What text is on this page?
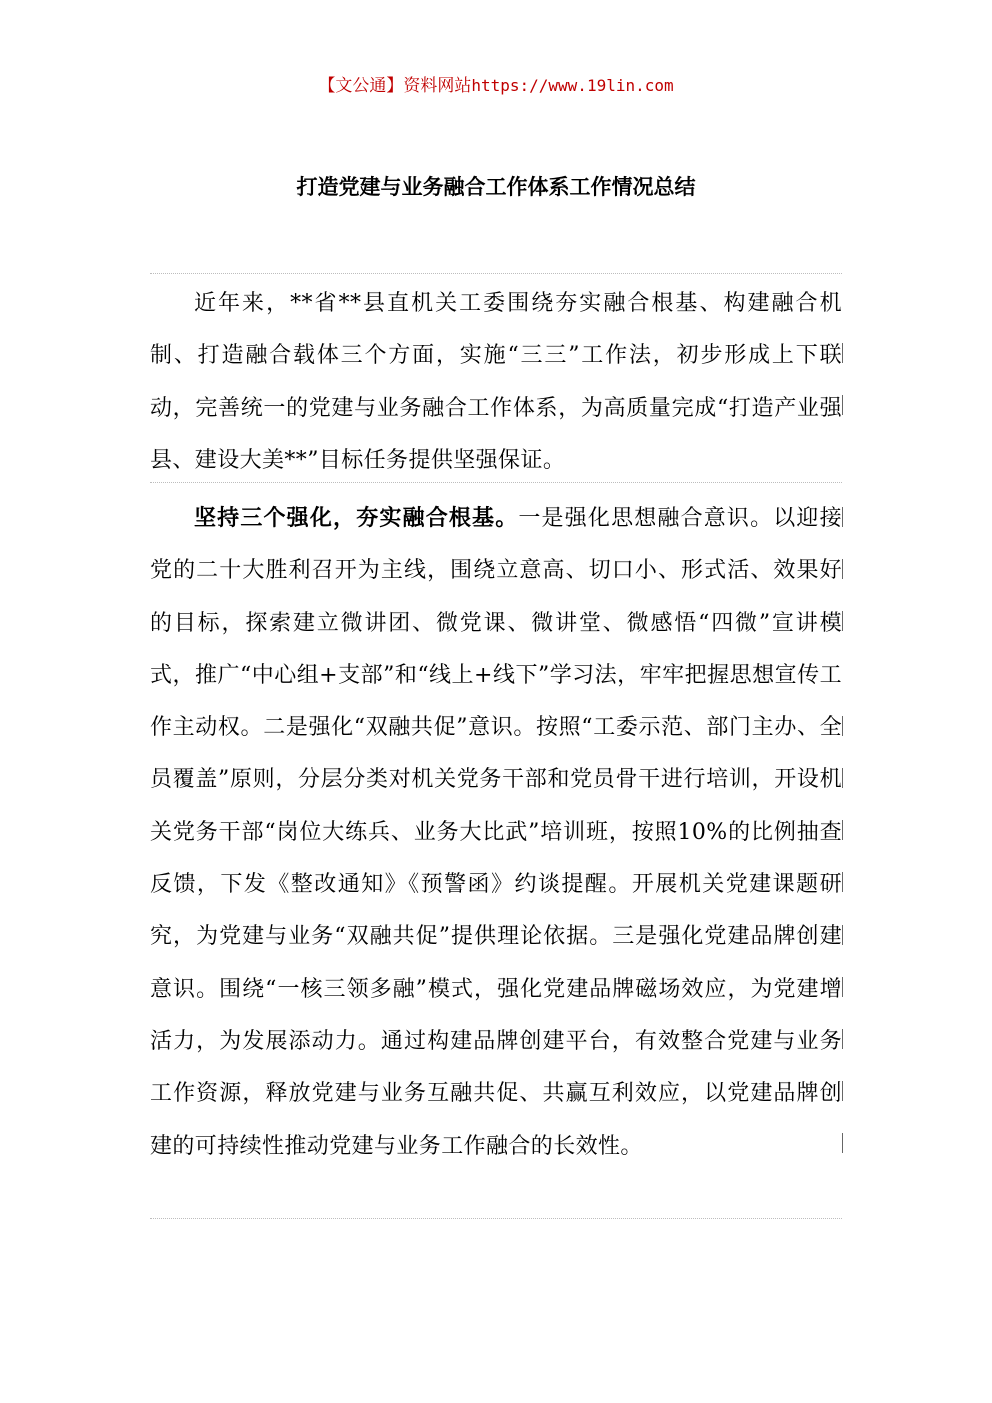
【文公通】资料网站https://www.19lin.com
打造党建与业务融合工作体系工作情况总结

近年来，**省**县直机关工委围绕夯实融合根基、构建融合机制、打造融合载体三个方面，实施“三三”工作法，初步形成上下联动，完善统一的党建与业务融合工作体系，为高质量完成“打造产业强县、建设大美**”目标任务提供坚强保证。

坚持三个强化，夯实融合根基。一是强化思想融合意识。以迎接党的二十大胜利召开为主线，围绕立意高、切口小、形式活、效果好的目标，探索建立微讲团、微党课、微讲堂、微感悟“四微”宣讲模式，推广“中心组+支部”和“线上+线下”学习法，牢牢把握思想宣传工作主动权。二是强化“双融共促”意识。按照“工委示范、部门主办、全员覆盖”原则，分层分类对机关党务干部和党员骨干进行培训，开设机关党务干部“岗位大练兵、业务大比武”培训班，按照10%的比例抽查反馈，下发《整改通知》《预警函》约谈提醒。开展机关党建课题研究，为党建与业务“双融共促”提供理论依据。三是强化党建品牌创建意识。围绕“一核三领多融”模式，强化党建品牌磁场效应，为党建增活力，为发展添动力。通过构建品牌创建平台，有效整合党建与业务工作资源，释放党建与业务互融共促、共赢互利效应，以党建品牌创建的可持续性推动党建与业务工作融合的长效性。
